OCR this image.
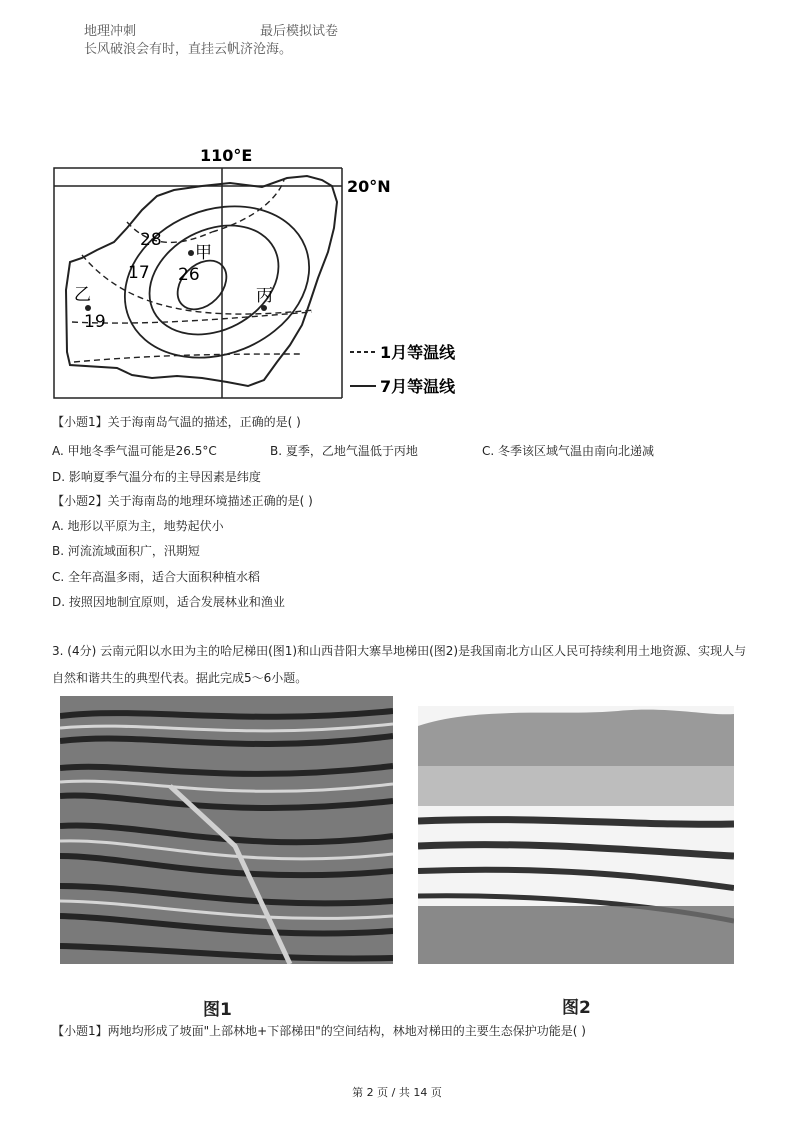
地理冲刺	最后模拟试卷
长风破浪会有时，直挂云帆济沧海。
110°E
20°N
28
26
17
19
甲
乙	丙
1月等温线
7月等温线
【小题1】关于海南岛气温的描述，正确的是( )
A. 甲地冬季气温可能是26.5°C	B. 夏季，乙地气温低于丙地	C. 冬季该区域气温由南向北递减
D. 影响夏季气温分布的主导因素是纬度
【小题2】关于海南岛的地理环境描述正确的是( )
A. 地形以平原为主，地势起伏小
B. 河流流域面积广，汛期短
C. 全年高温多雨，适合大面积种植水稻
D. 按照因地制宜原则，适合发展林业和渔业
3. (4分) 云南元阳以水田为主的哈尼梯田(图1)和山西昔阳大寨旱地梯田(图2)是我国南北方山区人民可持续利用土地资源、实现人与自然和谐共生的典型代表。据此完成5～6小题。
图1	图2
【小题1】两地均形成了坡面"上部林地+下部梯田"的空间结构，林地对梯田的主要生态保护功能是( )
第 2 页 / 共 14 页
